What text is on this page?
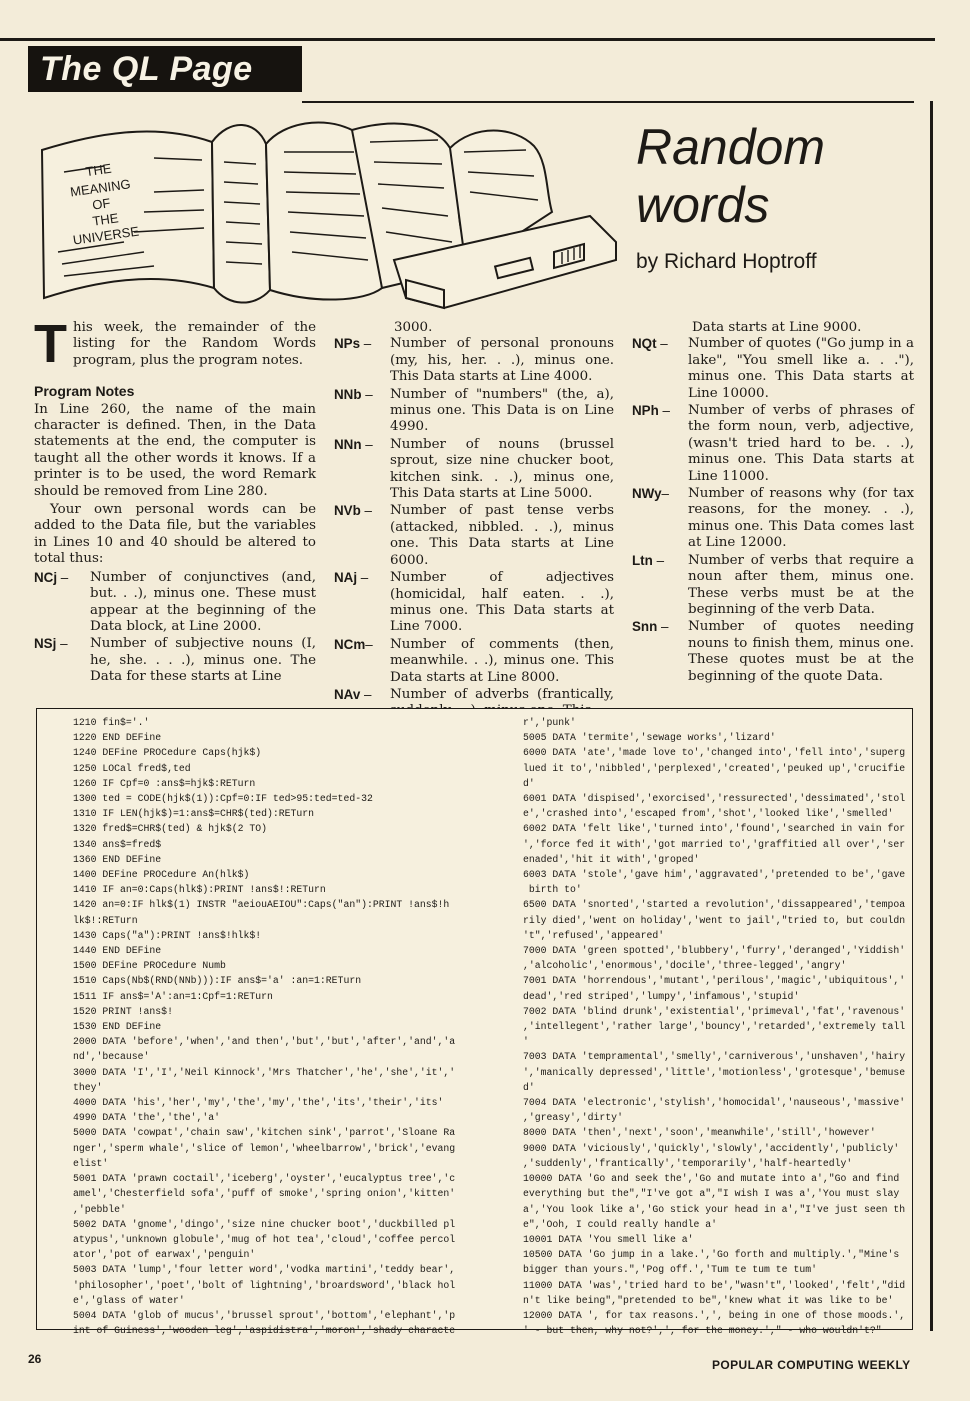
The QL Page
THE
MEANING
OF
THE
UNIVERSE
Random
words
by Richard Hoptroff

T his week, the remainder of the listing for the Random Words program, plus the program notes.

Program Notes

In Line 260, the name of the main character is defined. Then, in the Data statements at the end, the computer is taught all the other words it knows. If a printer is to be used, the word Remark should be removed from Line 280.

Your own personal words can be added to the Data file, but the variables in Lines 10 and 40 should be altered to total thus:

NCj –	Number of conjunctives (and, but. . .), minus one. These must appear at the beginning of the Data block, at Line 2000.
NSj –	Number of subjective nouns (I, he, she. . . .), minus one. The Data for these starts at Line
3000.
NPs –	Number of personal pronouns (my, his, her. . .), minus one. This Data starts at Line 4000.
NNb –	Number of "numbers" (the, a), minus one. This Data is on Line 4990.
NNn –	Number of nouns (brussel sprout, size nine chucker boot, kitchen sink. . .), minus one, This Data starts at Line 5000.
NVb –	Number of past tense verbs (attacked, nibbled. . .), minus one. This Data starts at Line 6000.
NAj –	Number of adjectives (homicidal, half eaten. . .), minus one. This Data starts at Line 7000.
NCm–	Number of comments (then, meanwhile. . .), minus one. This Data starts at Line 8000.
NAv –	Number of adverbs (frantically,
Data starts at Line 9000.
NQt –	Number of quotes ("Go jump in a lake", "You smell like a. . ."), minus one. This Data starts at Line 10000.
NPh –	Number of verbs of phrases of the form noun, verb, adjective, (wasn't tried hard to be. . .), minus one. This Data starts at Line 11000.
NWy–	Number of reasons why (for tax reasons, for the money. . .), minus one. This Data comes last at Line 12000.
Ltn –	Number of verbs that require a noun after them, minus one. These verbs must be at the beginning of the verb Data.
Snn –	Number of quotes needing nouns to finish them, minus one. These quotes must be at the beginning of the quote Data.
1210 fin$='.'
1220 END DEFine
1240 DEFine PROCedure Caps(hjk$)
1250 LOCal fred$,ted
1260 IF Cpf=0 :ans$=hjk$:RETurn
1300 ted = CODE(hjk$(1)):Cpf=0:IF ted>95:ted=ted-32
1310 IF LEN(hjk$)=1:ans$=CHR$(ted):RETurn
1320 fred$=CHR$(ted) & hjk$(2 TO)
1340 ans$=fred$
1360 END DEFine
1400 DEFine PROCedure An(hlk$)
1410 IF an=0:Caps(hlk$):PRINT !ans$!:RETurn
1420 an=0:IF hlk$(1) INSTR "aeiouAEIOU":Caps("an"):PRINT !ans$!h
lk$!:RETurn
1430 Caps("a"):PRINT !ans$!hlk$!
1440 END DEFine
1500 DEFine PROCedure Numb
1510 Caps(Nb$(RND(NNb))):IF ans$='a' :an=1:RETurn
1511 IF ans$='A':an=1:Cpf=1:RETurn
1520 PRINT !ans$!
1530 END DEFine
2000 DATA 'before','when','and then','but','but','after','and','a
nd','because'
3000 DATA 'I','I','Neil Kinnock','Mrs Thatcher','he','she','it','
they'
4000 DATA 'his','her','my','the','my','the','its','their','its'
4990 DATA 'the','the','a'
5000 DATA 'cowpat','chain saw','kitchen sink','parrot','Sloane Ra
nger','sperm whale','slice of lemon','wheelbarrow','brick','evang
elist'
5001 DATA 'prawn coctail','iceberg','oyster','eucalyptus tree','c
amel','Chesterfield sofa','puff of smoke','spring onion','kitten'
,'pebble'
5002 DATA 'gnome','dingo','size nine chucker boot','duckbilled pl
atypus','unknown globule','mug of hot tea','cloud','coffee percol
ator','pot of earwax','penguin'
5003 DATA 'lump','four letter word','vodka martini','teddy bear',
'philosopher','poet','bolt of lightning','broardsword','black hol
e','glass of water'
5004 DATA 'glob of mucus','brussel sprout','bottom','elephant','p
int of Guiness','wooden leg','aspidistra','moron','shady characte
r','punk'
5005 DATA 'termite','sewage works','lizard'
6000 DATA 'ate','made love to','changed into','fell into','superg
lued it to','nibbled','perplexed','created','peuked up','crucifie
d'
6001 DATA 'dispised','exorcised','ressurected','dessimated','stol
e','crashed into','escaped from','shot','looked like','smelled'
6002 DATA 'felt like','turned into','found','searched in vain for
','force fed it with','got married to','graffitied all over','ser
enaded','hit it with','groped'
6003 DATA 'stole','gave him','aggravated','pretended to be','gave
birth to'
6500 DATA 'snorted','started a revolution','dissappeared','tempoa
rily died','went on holiday','went to jail',"tried to, but couldn
't",'refused','appeared'
7000 DATA 'green spotted','blubbery','furry','deranged','Yiddish'
,'alcoholic','enormous','docile','three-legged','angry'
7001 DATA 'horrendous','mutant','perilous','magic','ubiquitous','
dead','red striped','lumpy','infamous','stupid'
7002 DATA 'blind drunk','existential','primeval','fat','ravenous'
,'intellegent','rather large','bouncy','retarded','extremely tall
'
7003 DATA 'tempramental','smelly','carniverous','unshaven','hairy
','manically depressed','little','motionless','grotesque','bemuse
d'
7004 DATA 'electronic','stylish','homocidal','nauseous','massive'
,'greasy','dirty'
8000 DATA 'then','next','soon','meanwhile','still','however'
9000 DATA 'viciously','quickly','slowly','accidently','publicly'
,'suddenly','frantically','temporarily','half-heartedly'
10000 DATA 'Go and seek the','Go and mutate into a',"Go and find
everything but the","I've got a","I wish I was a','You must slay
a','You look like a','Go stick your head in a',"I've just seen th
e",'Ooh, I could really handle a'
10001 DATA 'You smell like a'
10500 DATA 'Go jump in a lake.','Go forth and multiply.',"Mine's
bigger than yours.",'Pog off.','Tum te tum te tum'
11000 DATA 'was','tried hard to be',"wasn't",'looked','felt',"did
n't like being","pretended to be",'knew what it was like to be'
12000 DATA ', for tax reasons.',', being in one of those moods.',
' - but then, why not?',', for the money.'," - who wouldn't?"
26	POPULAR COMPUTING WEEKLY
